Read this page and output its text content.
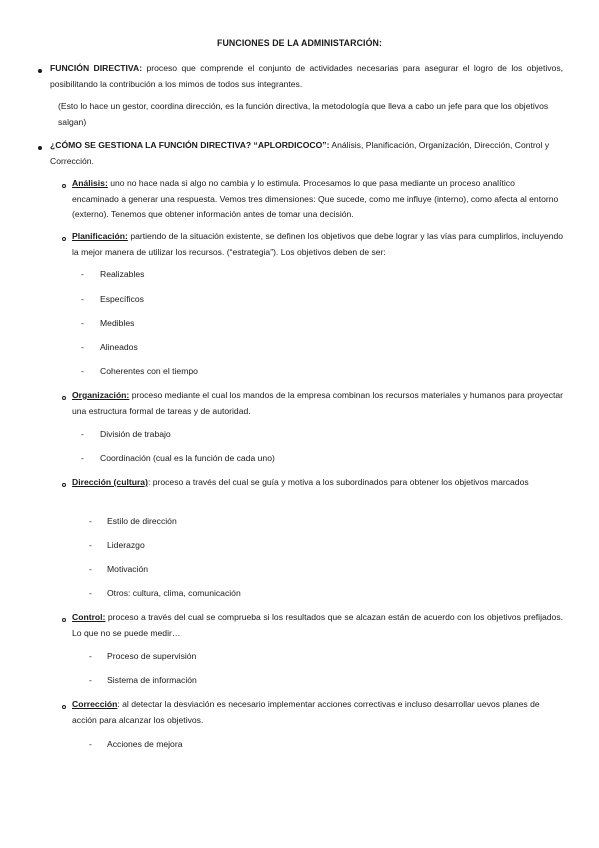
FUNCIONES DE LA ADMINISTARCIÓN:
FUNCIÓN DIRECTIVA: proceso que comprende el conjunto de actividades necesarias para asegurar el logro de los objetivos, posibilitando la contribución a los mimos de todos sus integrantes.
(Esto lo hace un gestor, coordina dirección, es la función directiva, la metodología que lleva a cabo un jefe para que los objetivos salgan)
¿CÓMO SE GESTIONA LA FUNCIÓN DIRECTIVA? “APLORDICOCO”: Análisis, Planificación, Organización, Dirección, Control y Corrección.
Análisis: uno no hace nada si algo no cambia y lo estimula. Procesamos lo que pasa mediante un proceso analítico encaminado a generar una respuesta. Vemos tres dimensiones: Que sucede, como me influye (interno), como afecta al entorno (externo). Tenemos que obtener información antes de tomar una decisión.
Planificación: partiendo de la situación existente, se definen los objetivos que debe lograr y las vías para cumplirlos, incluyendo la mejor manera de utilizar los recursos. (“estrategia”). Los objetivos deben de ser:
- Realizables
- Específicos
- Medibles
- Alineados
- Coherentes con el tiempo
Organización: proceso mediante el cual los mandos de la empresa combinan los recursos materiales y humanos para proyectar una estructura formal de tareas y de autoridad.
- División de trabajo
- Coordinación (cual es la función de cada uno)
Dirección (cultura): proceso a través del cual se guía y motiva a los subordinados para obtener los objetivos marcados
- Estilo de dirección
- Liderazgo
- Motivación
- Otros: cultura, clima, comunicación
Control: proceso a través del cual se comprueba si los resultados que se alcazan están de acuerdo con los objetivos prefijados. Lo que no se puede medir…
- Proceso de supervisión
- Sistema de información
Corrección: al detectar la desviación es necesario implementar acciones correctivas e incluso desarrollar uevos planes de acción para alcanzar los objetivos.
- Acciones de mejora
